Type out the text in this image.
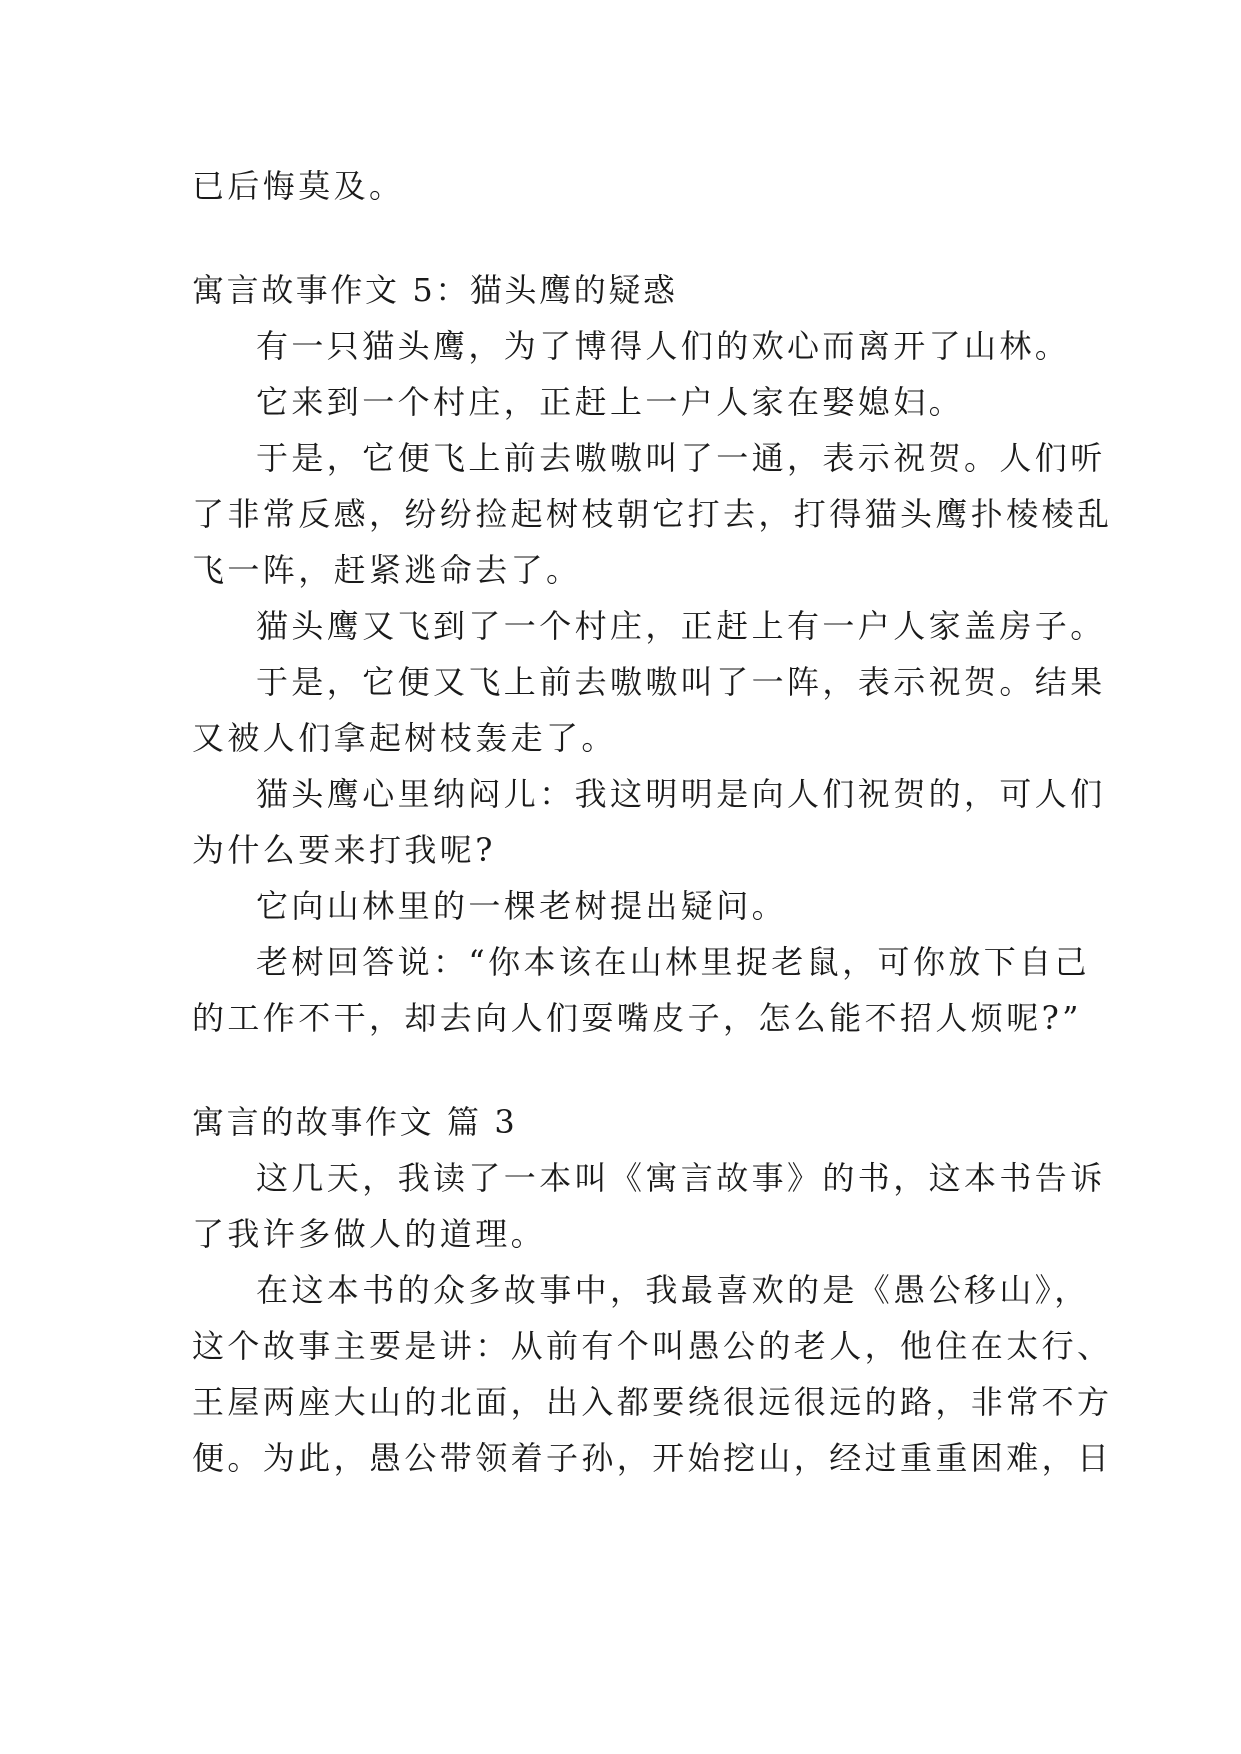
已后悔莫及。
寓言故事作文 5：猫头鹰的疑惑
有一只猫头鹰，为了博得人们的欢心而离开了山林。
它来到一个村庄，正赶上一户人家在娶媳妇。
于是，它便飞上前去嗷嗷叫了一通，表示祝贺。人们听
了非常反感，纷纷捡起树枝朝它打去，打得猫头鹰扑棱棱乱
飞一阵，赶紧逃命去了。
猫头鹰又飞到了一个村庄，正赶上有一户人家盖房子。
于是，它便又飞上前去嗷嗷叫了一阵，表示祝贺。结果
又被人们拿起树枝轰走了。
猫头鹰心里纳闷儿：我这明明是向人们祝贺的，可人们
为什么要来打我呢?
它向山林里的一棵老树提出疑问。
老树回答说：“你本该在山林里捉老鼠，可你放下自己
的工作不干，却去向人们耍嘴皮子，怎么能不招人烦呢?”
寓言的故事作文 篇 3
这几天，我读了一本叫《寓言故事》的书，这本书告诉
了我许多做人的道理。
在这本书的众多故事中，我最喜欢的是《愚公移山》，
这个故事主要是讲：从前有个叫愚公的老人，他住在太行、
王屋两座大山的北面，出入都要绕很远很远的路，非常不方
便。为此，愚公带领着子孙，开始挖山，经过重重困难，日
